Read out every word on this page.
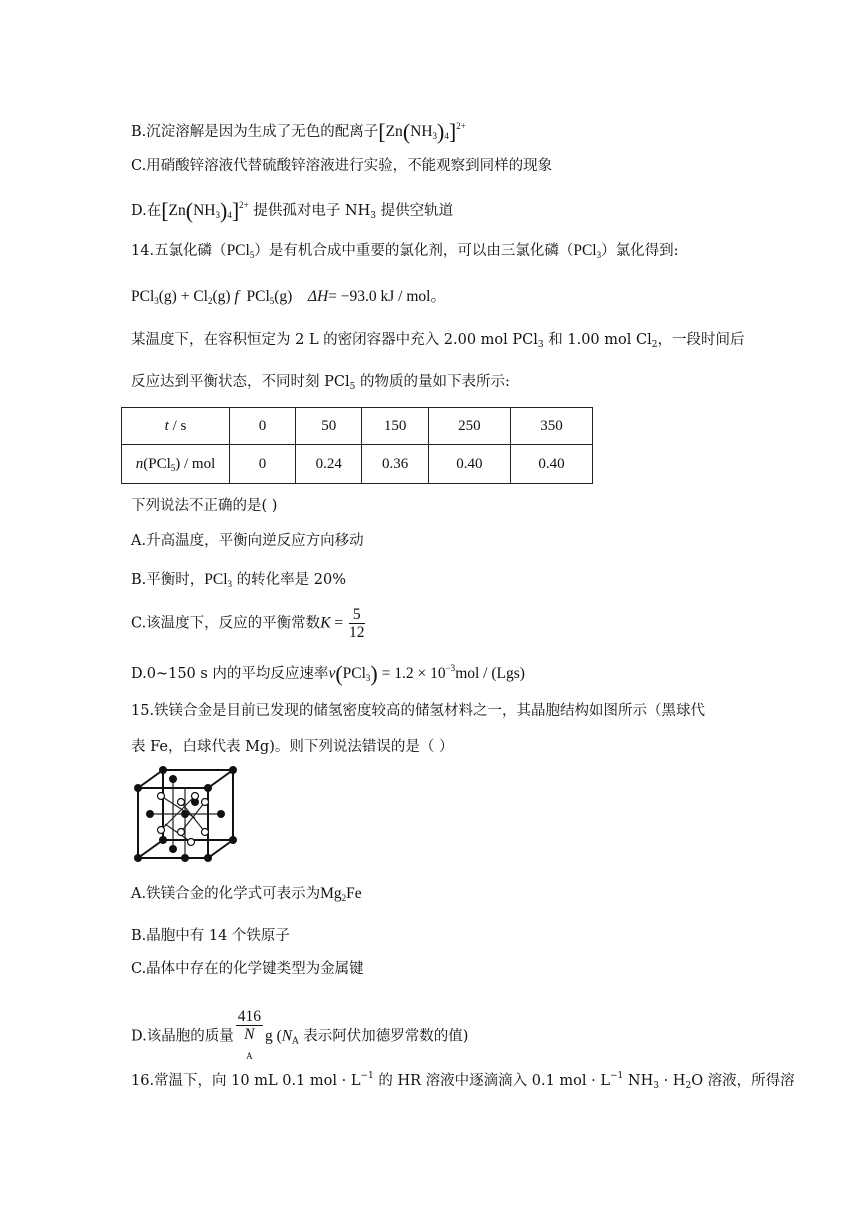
B.沉淀溶解是因为生成了无色的配离子$[Zn(NH_3)_4]^{2+}$
C.用硝酸锌溶液代替硫酸锌溶液进行实验，不能观察到同样的现象
D.在$[Zn(NH_3)_4]^{2+}$ 提供孤对电子 $NH_3$ 提供空轨道
14.五氯化磷（PCl$_5$）是有机合成中重要的氯化剂，可以由三氯化磷（PCl$_3$）氯化得到:
$PCl_3(g) + Cl_2(g)$ f PCl$_5$(g) ΔH= −93.0 kJ / mol。
某温度下，在容积恒定为 2 L 的密闭容器中充入 2.00 mol PCl$_3$ 和 1.00 mol $Cl_2$，一段时间后
反应达到平衡状态，不同时刻 PCl$_5$ 的物质的量如下表所示:
t / s	0	50	150	250	350
n(PCl$_5$) / mol	0	0.24	0.36	0.40	0.40
下列说法不正确的是( )
A.升高温度，平衡向逆反应方向移动
B.平衡时，PCl$_3$ 的转化率是 20%
C.该温度下，反应的平衡常数$K = \frac{5}{12}$
D.0~150 s 内的平均反应速率$v(PCl_3) = 1.2 \times 10^{-3}mol / (Lgs)$
15.铁镁合金是目前已发现的储氢密度较高的储氢材料之一，其晶胞结构如图所示（黑球代
表 Fe，白球代表 Mg)。则下列说法错误的是（ ）
A.铁镁合金的化学式可表示为$Mg_2Fe$
B.晶胞中有 14 个铁原子
C.晶体中存在的化学键类型为金属键
D.该晶胞的质量 416
N
$_A$ g ($N_A$ 表示阿伏加德罗常数的值)
16.常温下，向 10 mL 0.1 mol · $L^{-1}$ 的 HR 溶液中逐滴滴入 0.1 mol · $L^{-1}$ $NH_3 \cdot H_2O$ 溶液，所得溶
